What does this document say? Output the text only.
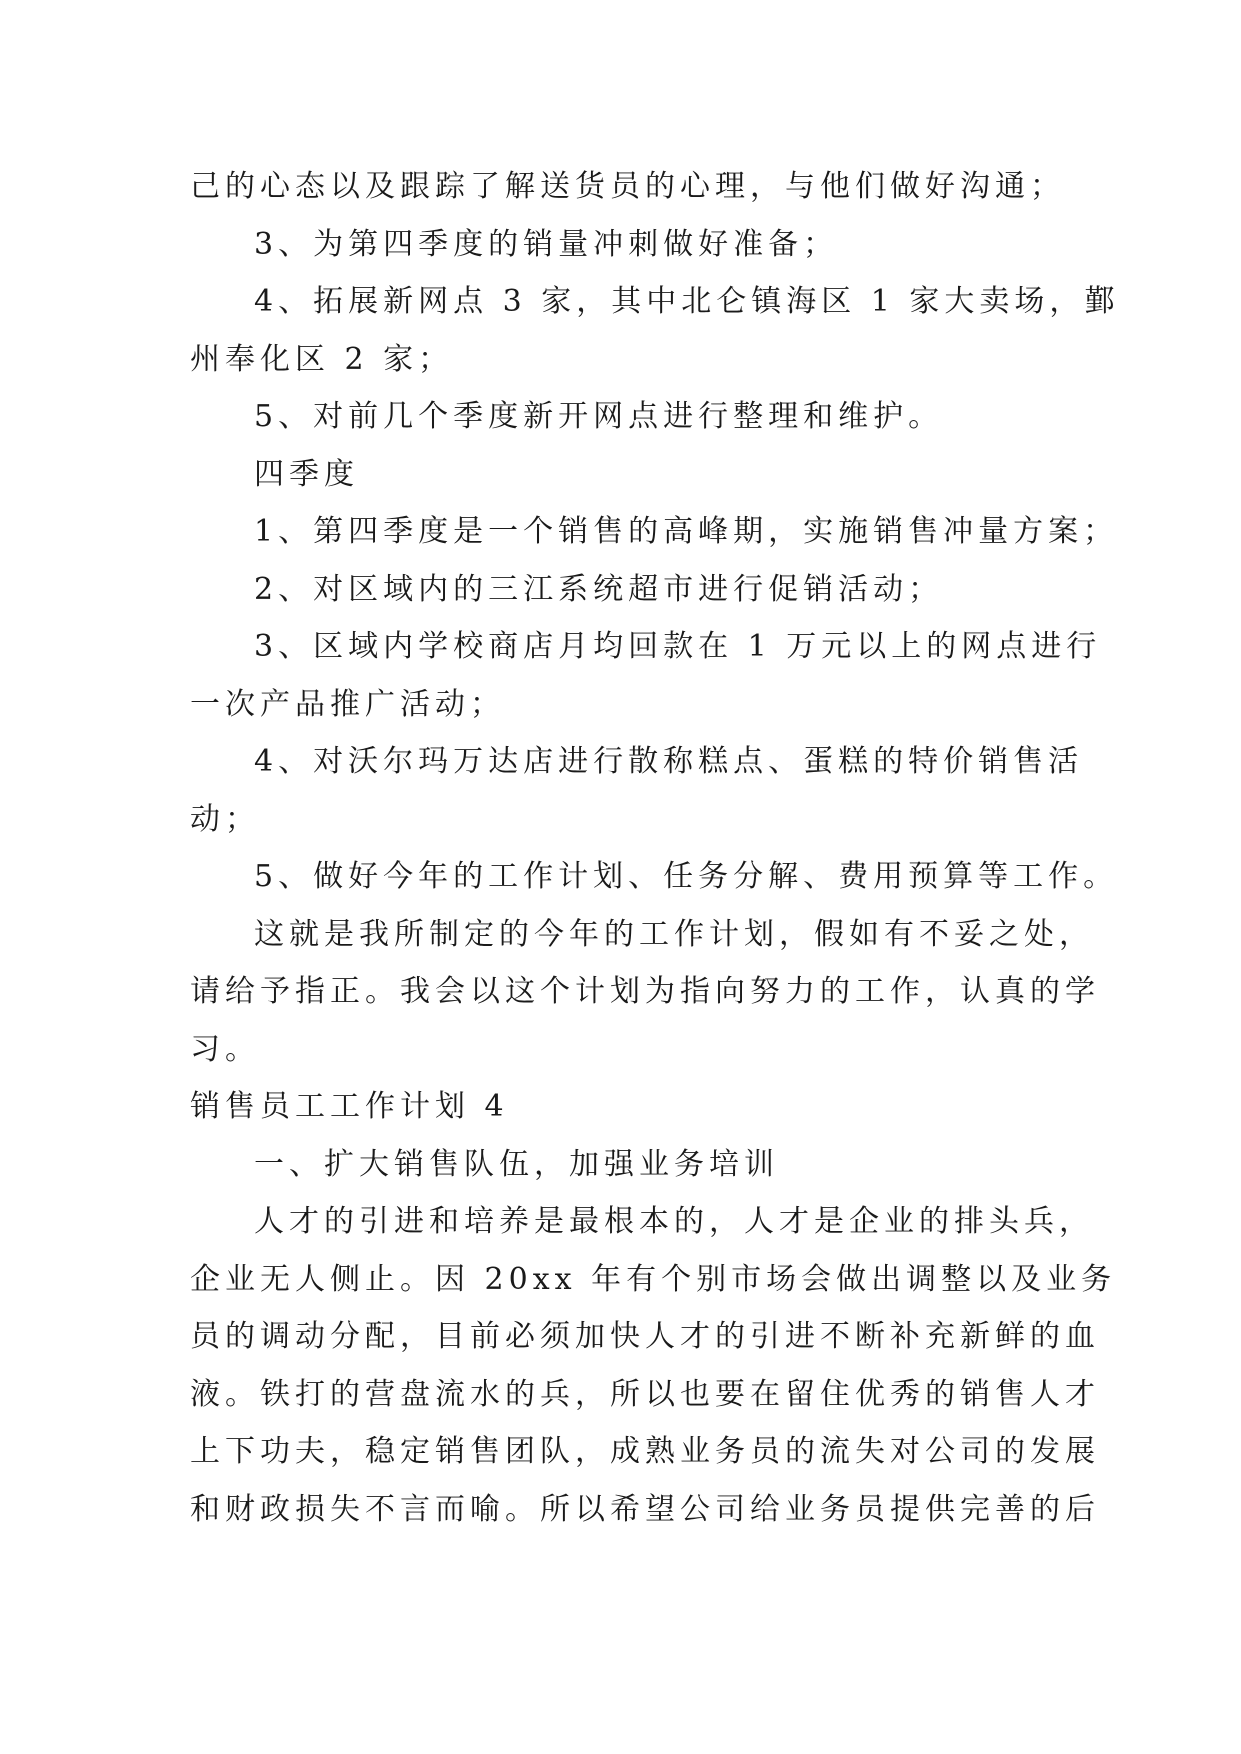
己的心态以及跟踪了解送货员的心理，与他们做好沟通；
3、为第四季度的销量冲刺做好准备；
4、拓展新网点 3 家，其中北仑镇海区 1 家大卖场，鄞
州奉化区 2 家；
5、对前几个季度新开网点进行整理和维护。
四季度
1、第四季度是一个销售的高峰期，实施销售冲量方案；
2、对区域内的三江系统超市进行促销活动；
3、区域内学校商店月均回款在 1 万元以上的网点进行
一次产品推广活动；
4、对沃尔玛万达店进行散称糕点、蛋糕的特价销售活
动；
5、做好今年的工作计划、任务分解、费用预算等工作。
这就是我所制定的今年的工作计划，假如有不妥之处，
请给予指正。我会以这个计划为指向努力的工作，认真的学
习。
销售员工工作计划 4
一、扩大销售队伍，加强业务培训
人才的引进和培养是最根本的，人才是企业的排头兵，
企业无人侧止。因 20xx 年有个别市场会做出调整以及业务
员的调动分配，目前必须加快人才的引进不断补充新鲜的血
液。铁打的营盘流水的兵，所以也要在留住优秀的销售人才
上下功夫，稳定销售团队，成熟业务员的流失对公司的发展
和财政损失不言而喻。所以希望公司给业务员提供完善的后
